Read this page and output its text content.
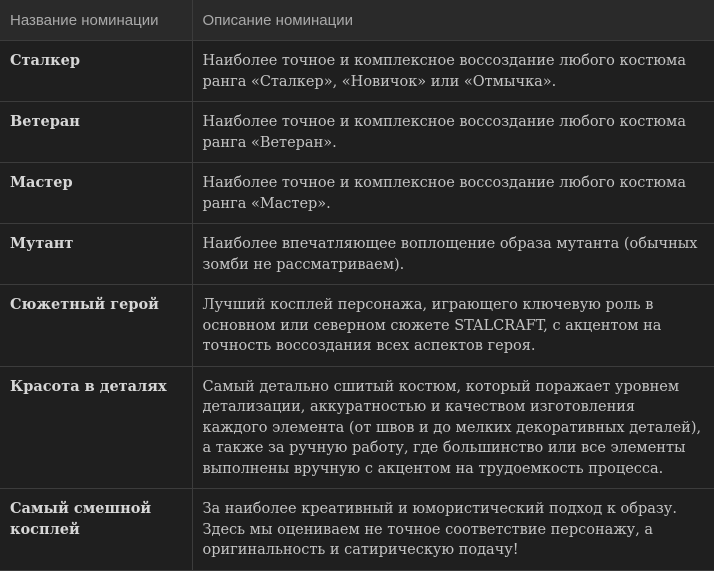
Название номинации	Описание номинации
Сталкер	Наиболее точное и комплексное воссоздание любого костюма ранга «Сталкер», «Новичок» или «Отмычка».
Ветеран	Наиболее точное и комплексное воссоздание любого костюма ранга «Ветеран».
Мастер	Наиболее точное и комплексное воссоздание любого костюма ранга «Мастер».
Мутант	Наиболее впечатляющее воплощение образа мутанта (обычных зомби не рассматриваем).
Сюжетный герой	Лучший косплей персонажа, играющего ключевую роль в основном или северном сюжете STALCRAFT, с акцентом на точность воссоздания всех аспектов героя.
Красота в деталях	Самый детально сшитый костюм, который поражает уровнем детализации, аккуратностью и качеством изготовления каждого элемента (от швов и до мелких декоративных деталей), а также за ручную работу, где большинство или все элементы выполнены вручную с акцентом на трудоемкость процесса.
Самый смешной косплей	За наиболее креативный и юмористический подход к образу. Здесь мы оцениваем не точное соответствие персонажу, а оригинальность и сатирическую подачу!
